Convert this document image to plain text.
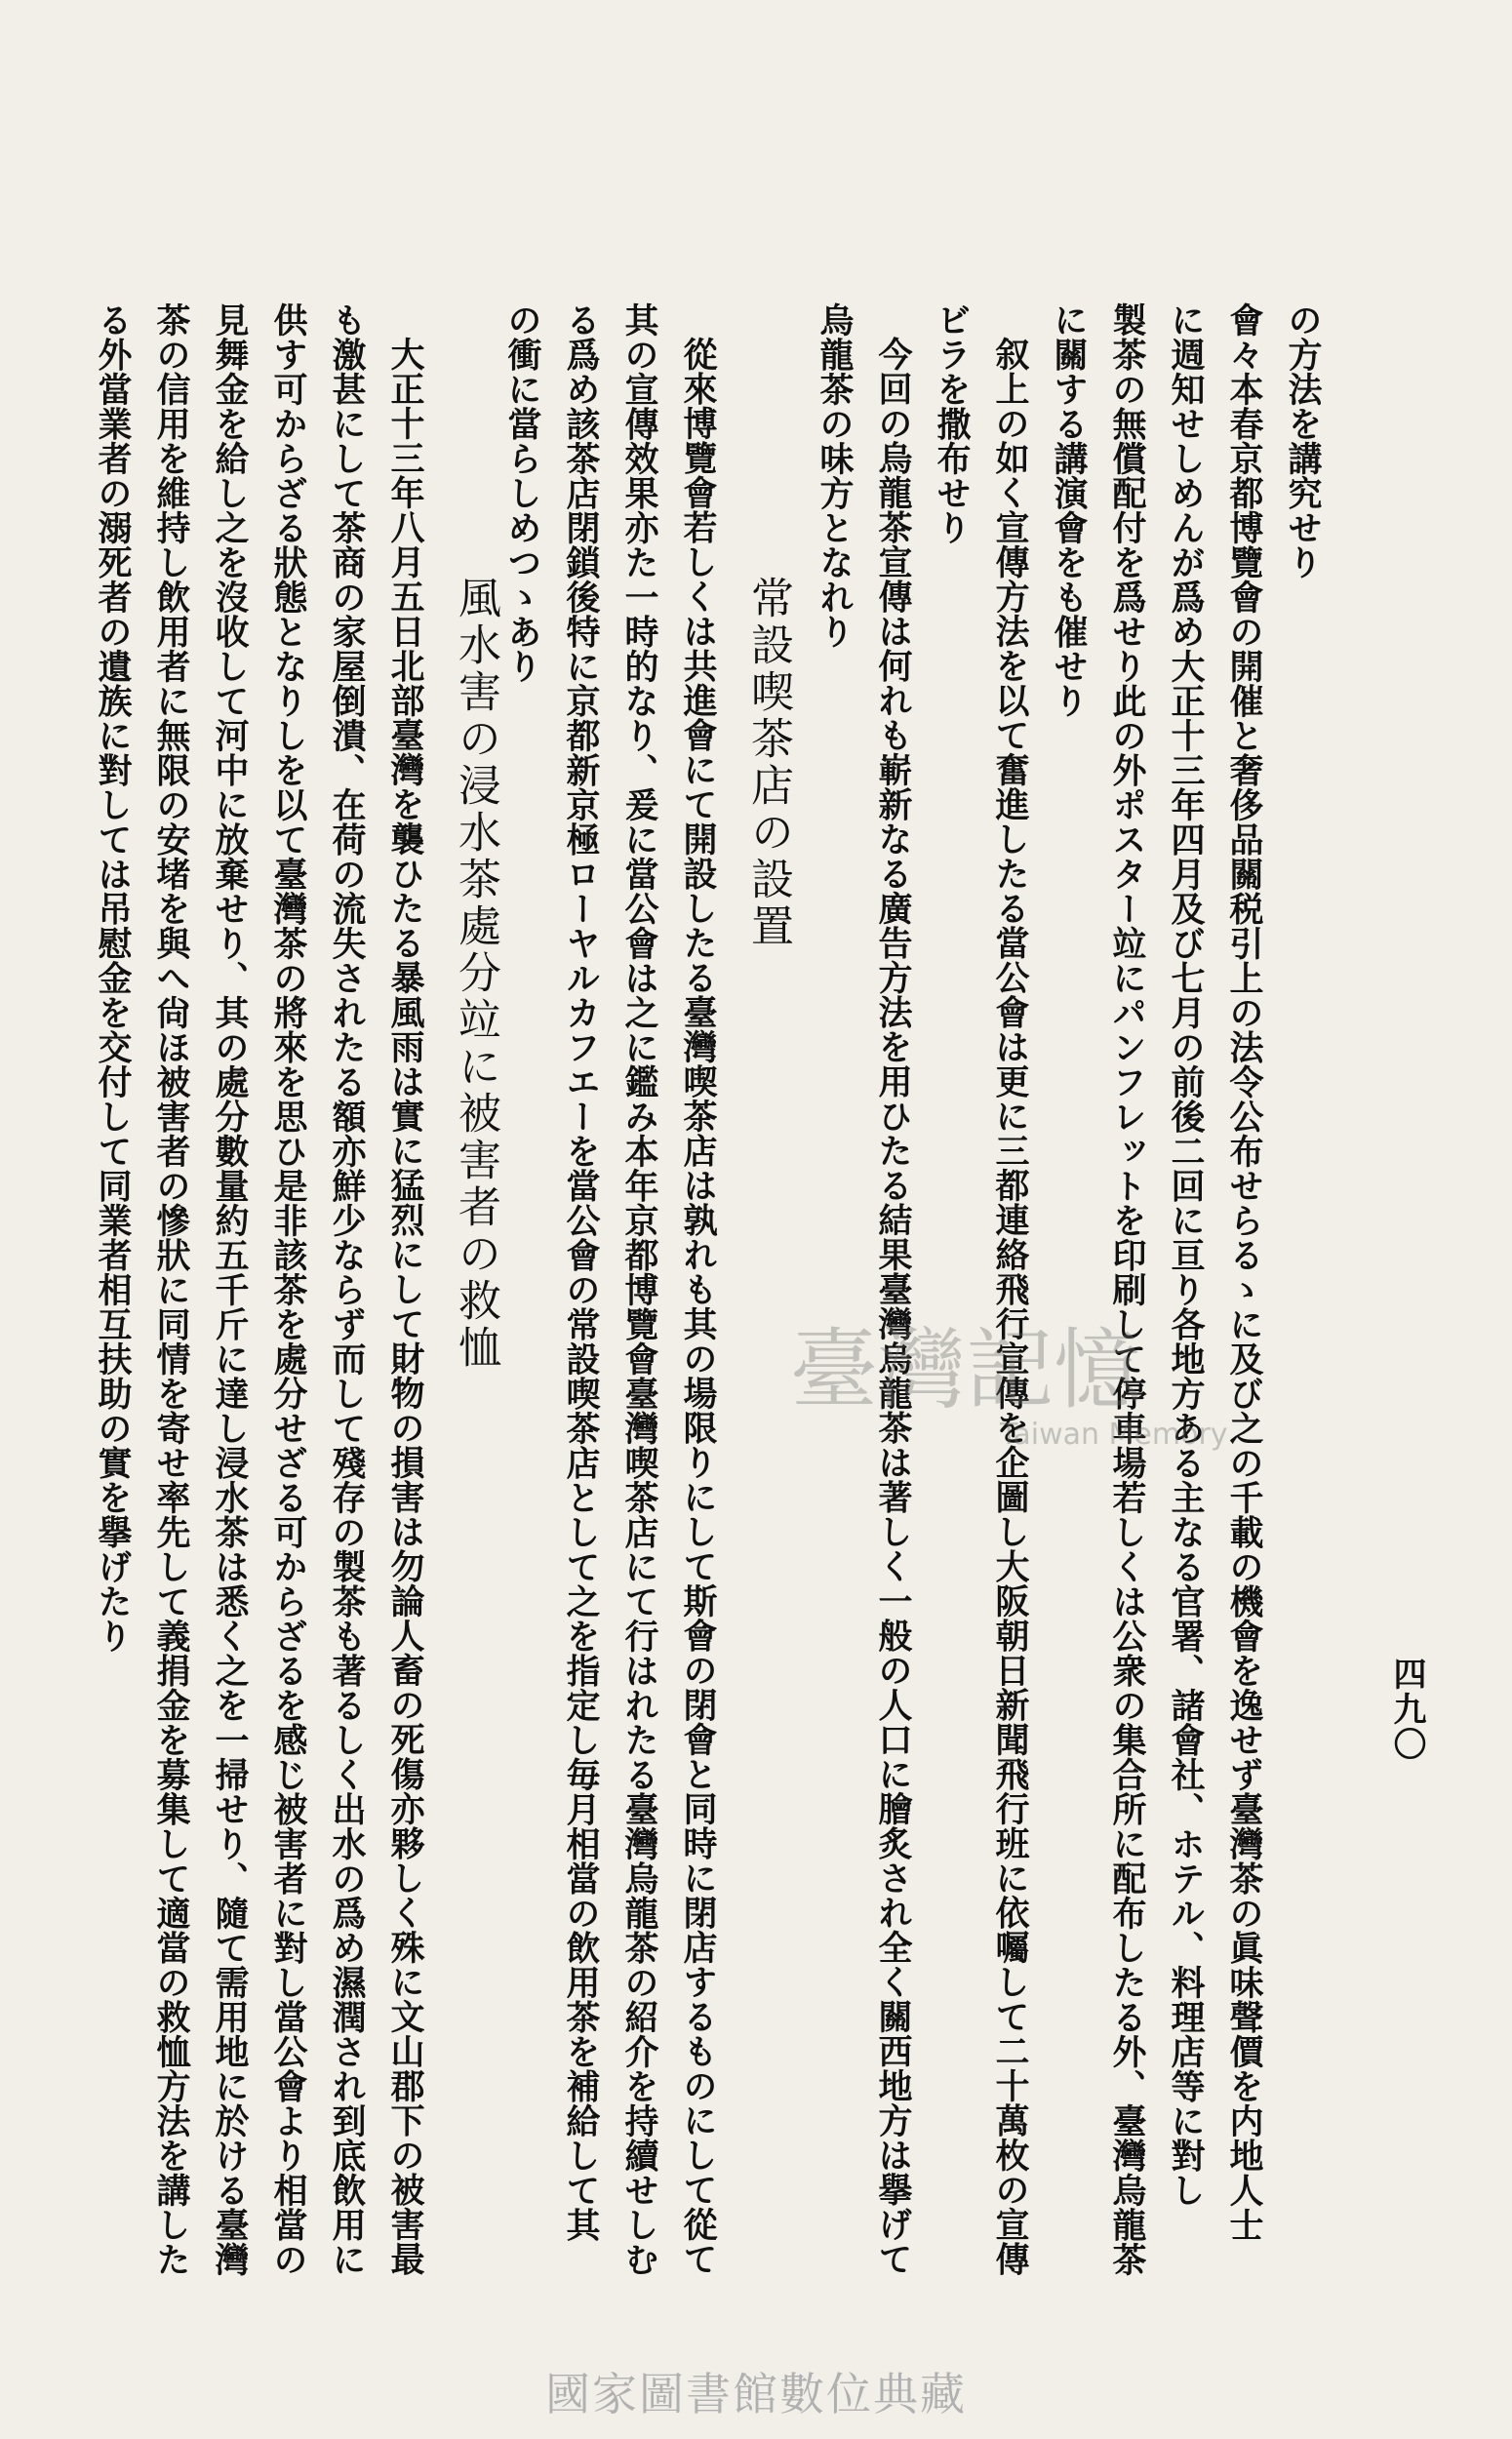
四九〇
の方法を講究せり
會々本春京都博覽會の開催と奢侈品關税引上の法令公布せらるゝに及び之の千載の機會を逸せず臺灣茶の眞味聲價を内地人士
に週知せしめんが爲め大正十三年四月及び七月の前後二回に亘り各地方ある主なる官署、諸會社、ホテル、料理店等に對し
製茶の無償配付を爲せり此の外ポスター竝にパンフレットを印刷して停車場若しくは公衆の集合所に配布したる外、臺灣烏龍茶
に關する講演會をも催せり
叙上の如く宣傳方法を以て奮進したる當公會は更に三都連絡飛行宣傳を企圖し大阪朝日新聞飛行班に依囑して二十萬枚の宣傳
ビラを撒布せり
今回の烏龍茶宣傳は何れも嶄新なる廣告方法を用ひたる結果臺灣烏龍茶は著しく一般の人口に膾炙され全く關西地方は擧げて
烏龍茶の味方となれり
常設喫茶店の設置
從來博覽會若しくは共進會にて開設したる臺灣喫茶店は孰れも其の場限りにして斯會の閉會と同時に閉店するものにして從て
其の宣傳效果亦た一時的なり、爰に當公會は之に鑑み本年京都博覽會臺灣喫茶店にて行はれたる臺灣烏龍茶の紹介を持續せしむ
る爲め該茶店閉鎖後特に京都新京極ローヤルカフエーを當公會の常設喫茶店として之を指定し毎月相當の飲用茶を補給して其
の衝に當らしめつゝあり
風水害の浸水茶處分竝に被害者の救恤
大正十三年八月五日北部臺灣を襲ひたる暴風雨は實に猛烈にして財物の損害は勿論人畜の死傷亦夥しく殊に文山郡下の被害最
も激甚にして茶商の家屋倒潰、在荷の流失されたる額亦鮮少ならず而して殘存の製茶も著るしく出水の爲め濕潤され到底飲用に
供す可からざる狀態となりしを以て臺灣茶の將來を思ひ是非該茶を處分せざる可からざるを感じ被害者に對し當公會より相當の
見舞金を給し之を沒收して河中に放棄せり、其の處分數量約五千斤に達し浸水茶は悉く之を一掃せり、隨て需用地に於ける臺灣
茶の信用を維持し飲用者に無限の安堵を與へ尙ほ被害者の慘狀に同情を寄せ率先して義捐金を募集して適當の救恤方法を講した
る外當業者の溺死者の遺族に對しては吊慰金を交付して同業者相互扶助の實を擧げたり	臺灣記憶
Taiwan Memory
國家圖書館數位典藏
